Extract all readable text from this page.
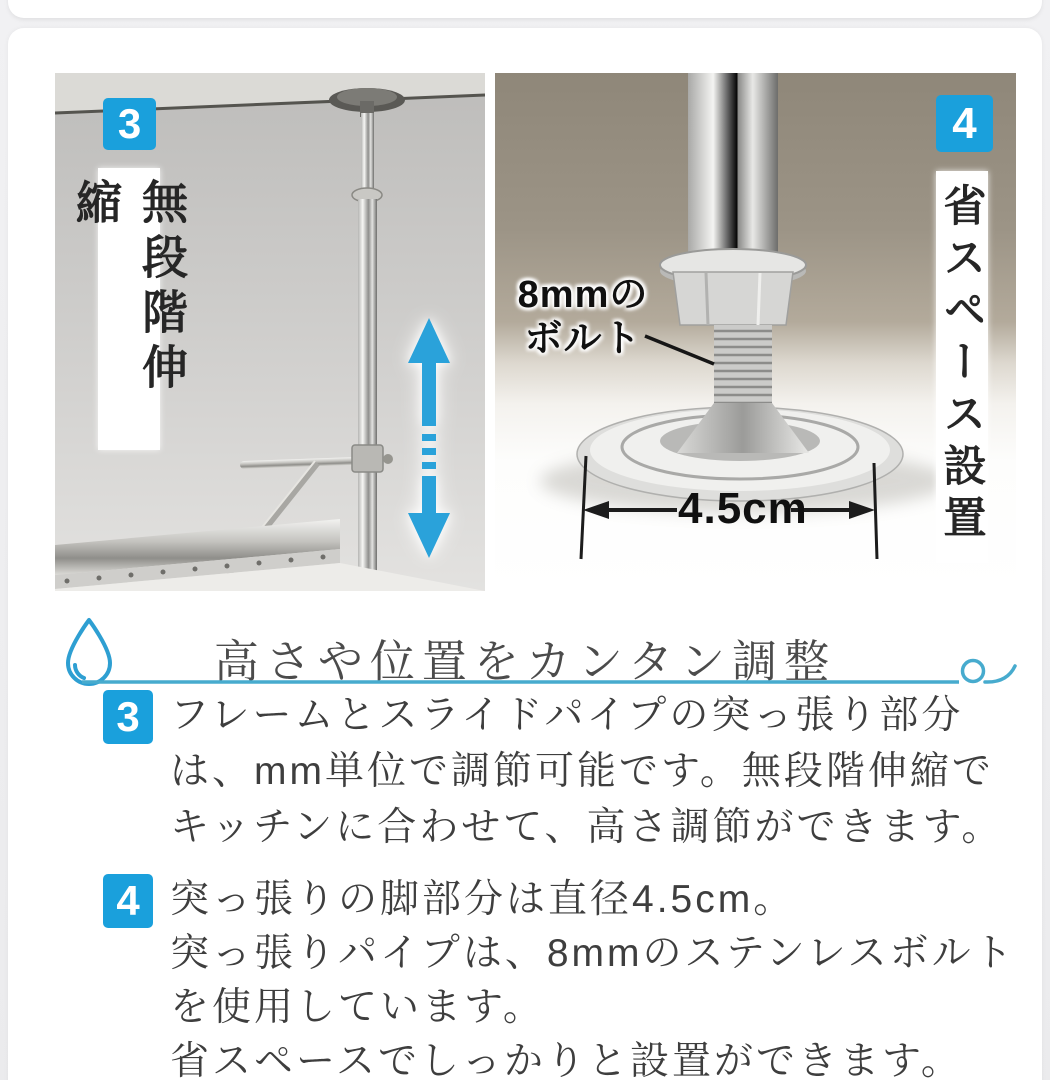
3
無段階伸縮
4
省スペース設置
8mmの
ボルト
4.5cm
高さや位置をカンタン調整
3 フレームとスライドパイプの突っ張り部分
は、mm単位で調節可能です。無段階伸縮で
キッチンに合わせて、高さ調節ができます。
4 突っ張りの脚部分は直径4.5cm。
突っ張りパイプは、8mmのステンレスボルト
を使用しています。
省スペースでしっかりと設置ができます。
